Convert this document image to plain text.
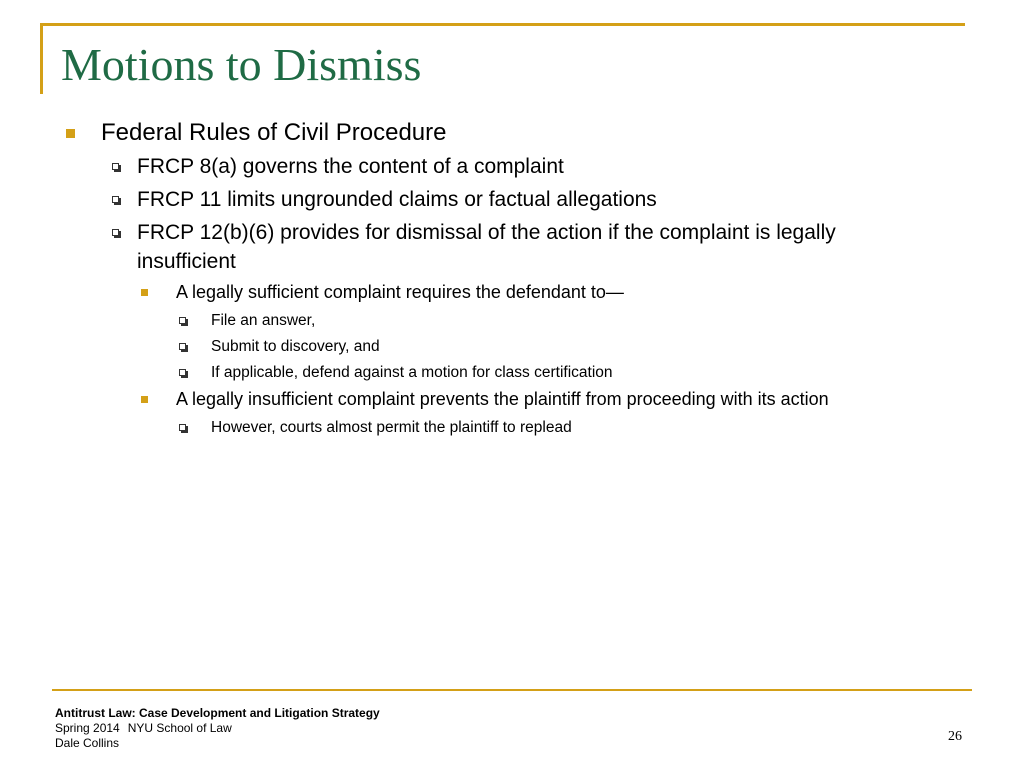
Motions to Dismiss
Federal Rules of Civil Procedure
FRCP 8(a) governs the content of a complaint
FRCP 11 limits ungrounded claims or factual allegations
FRCP 12(b)(6) provides for dismissal of the action if the complaint is legally insufficient
A legally sufficient complaint requires the defendant to—
File an answer,
Submit to discovery, and
If applicable, defend against a motion for class certification
A legally insufficient complaint prevents the plaintiff from proceeding with its action
However, courts almost permit the plaintiff to replead
Antitrust Law: Case Development and Litigation Strategy
Spring 2014 NYU School of Law
Dale Collins	26
